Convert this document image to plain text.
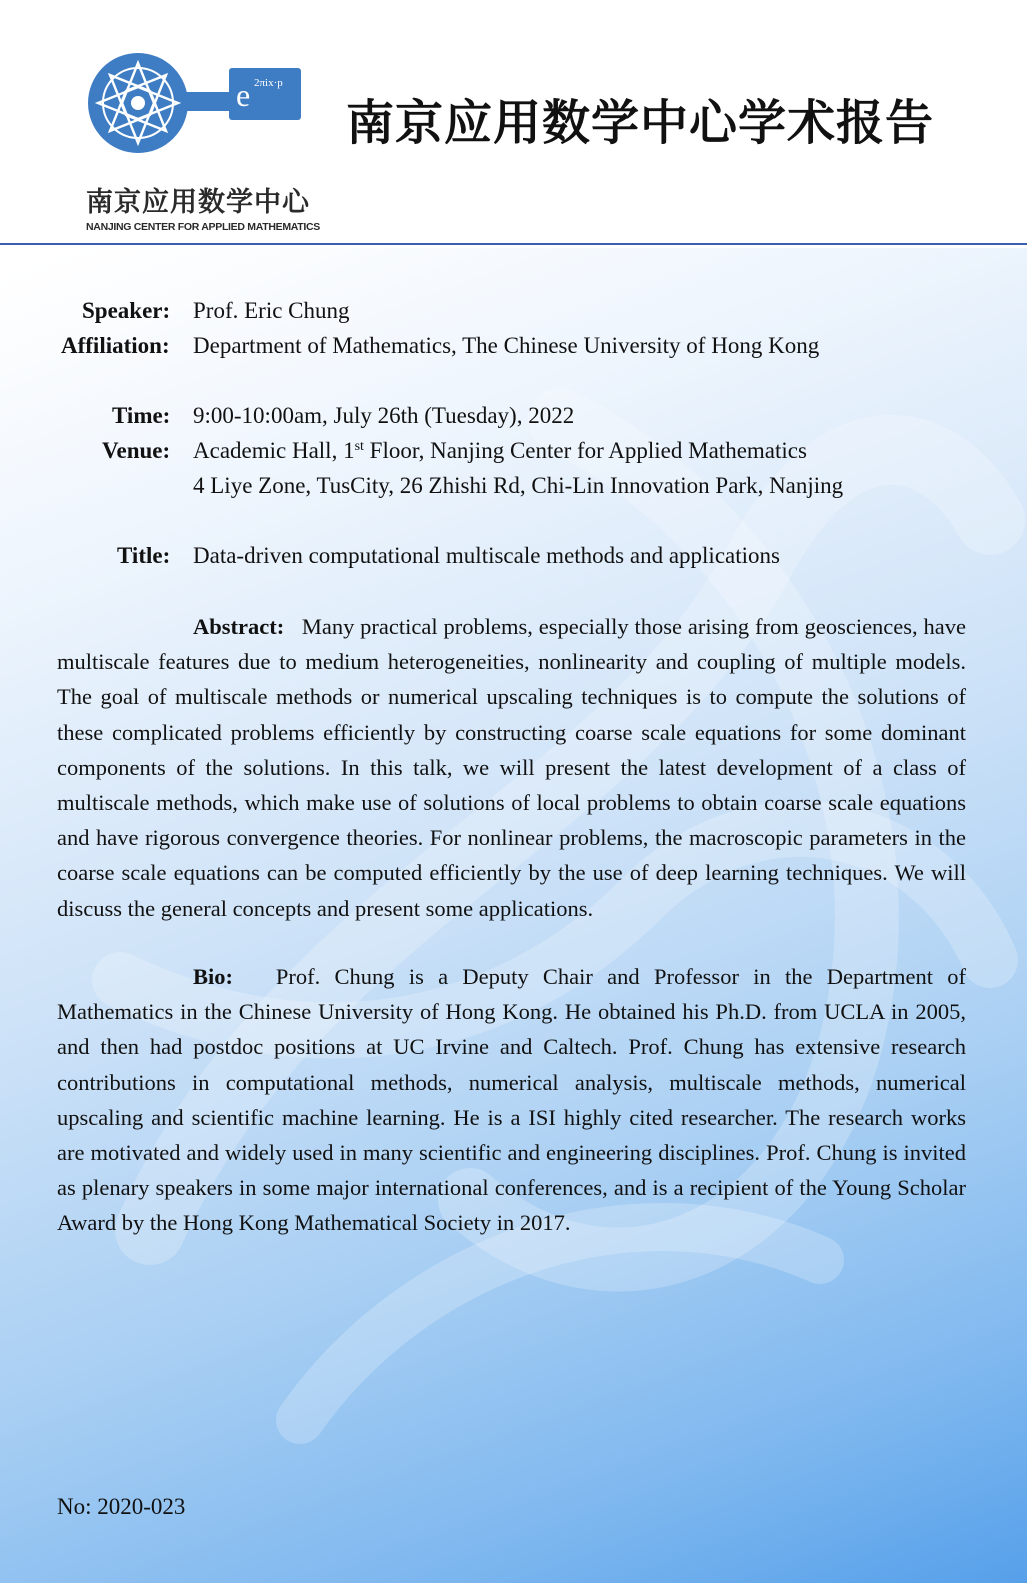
e 2πix·p

南京应用数学中心

NANJING CENTER FOR APPLIED MATHEMATICS

南京应用数学中心学术报告
Speaker: Prof. Eric Chung
Affiliation: Department of Mathematics, The Chinese University of Hong Kong
Time: 9:00-10:00am, July 26th (Tuesday), 2022
Venue: Academic Hall, 1st Floor, Nanjing Center for Applied Mathematics
4 Liye Zone, TusCity, 26 Zhishi Rd, Chi-Lin Innovation Park, Nanjing
Title: Data-driven computational multiscale methods and applications

Abstract: Many practical problems, especially those arising from geosciences, have multiscale features due to medium heterogeneities, nonlinearity and coupling of multiple models. The goal of multiscale methods or numerical upscaling techniques is to compute the solutions of these complicated problems efficiently by constructing coarse scale equations for some dominant components of the solutions. In this talk, we will present the latest development of a class of multiscale methods, which make use of solutions of local problems to obtain coarse scale equations and have rigorous convergence theories. For nonlinear problems, the macroscopic parameters in the coarse scale equations can be computed efficiently by the use of deep learning techniques. We will discuss the general concepts and present some applications.

Bio: Prof. Chung is a Deputy Chair and Professor in the Department of Mathematics in the Chinese University of Hong Kong. He obtained his Ph.D. from UCLA in 2005, and then had postdoc positions at UC Irvine and Caltech. Prof. Chung has extensive research contributions in computational methods, numerical analysis, multiscale methods, numerical upscaling and scientific machine learning. He is a ISI highly cited researcher. The research works are motivated and widely used in many scientific and engineering disciplines. Prof. Chung is invited as plenary speakers in some major international conferences, and is a recipient of the Young Scholar Award by the Hong Kong Mathematical Society in 2017.

No: 2020-023
